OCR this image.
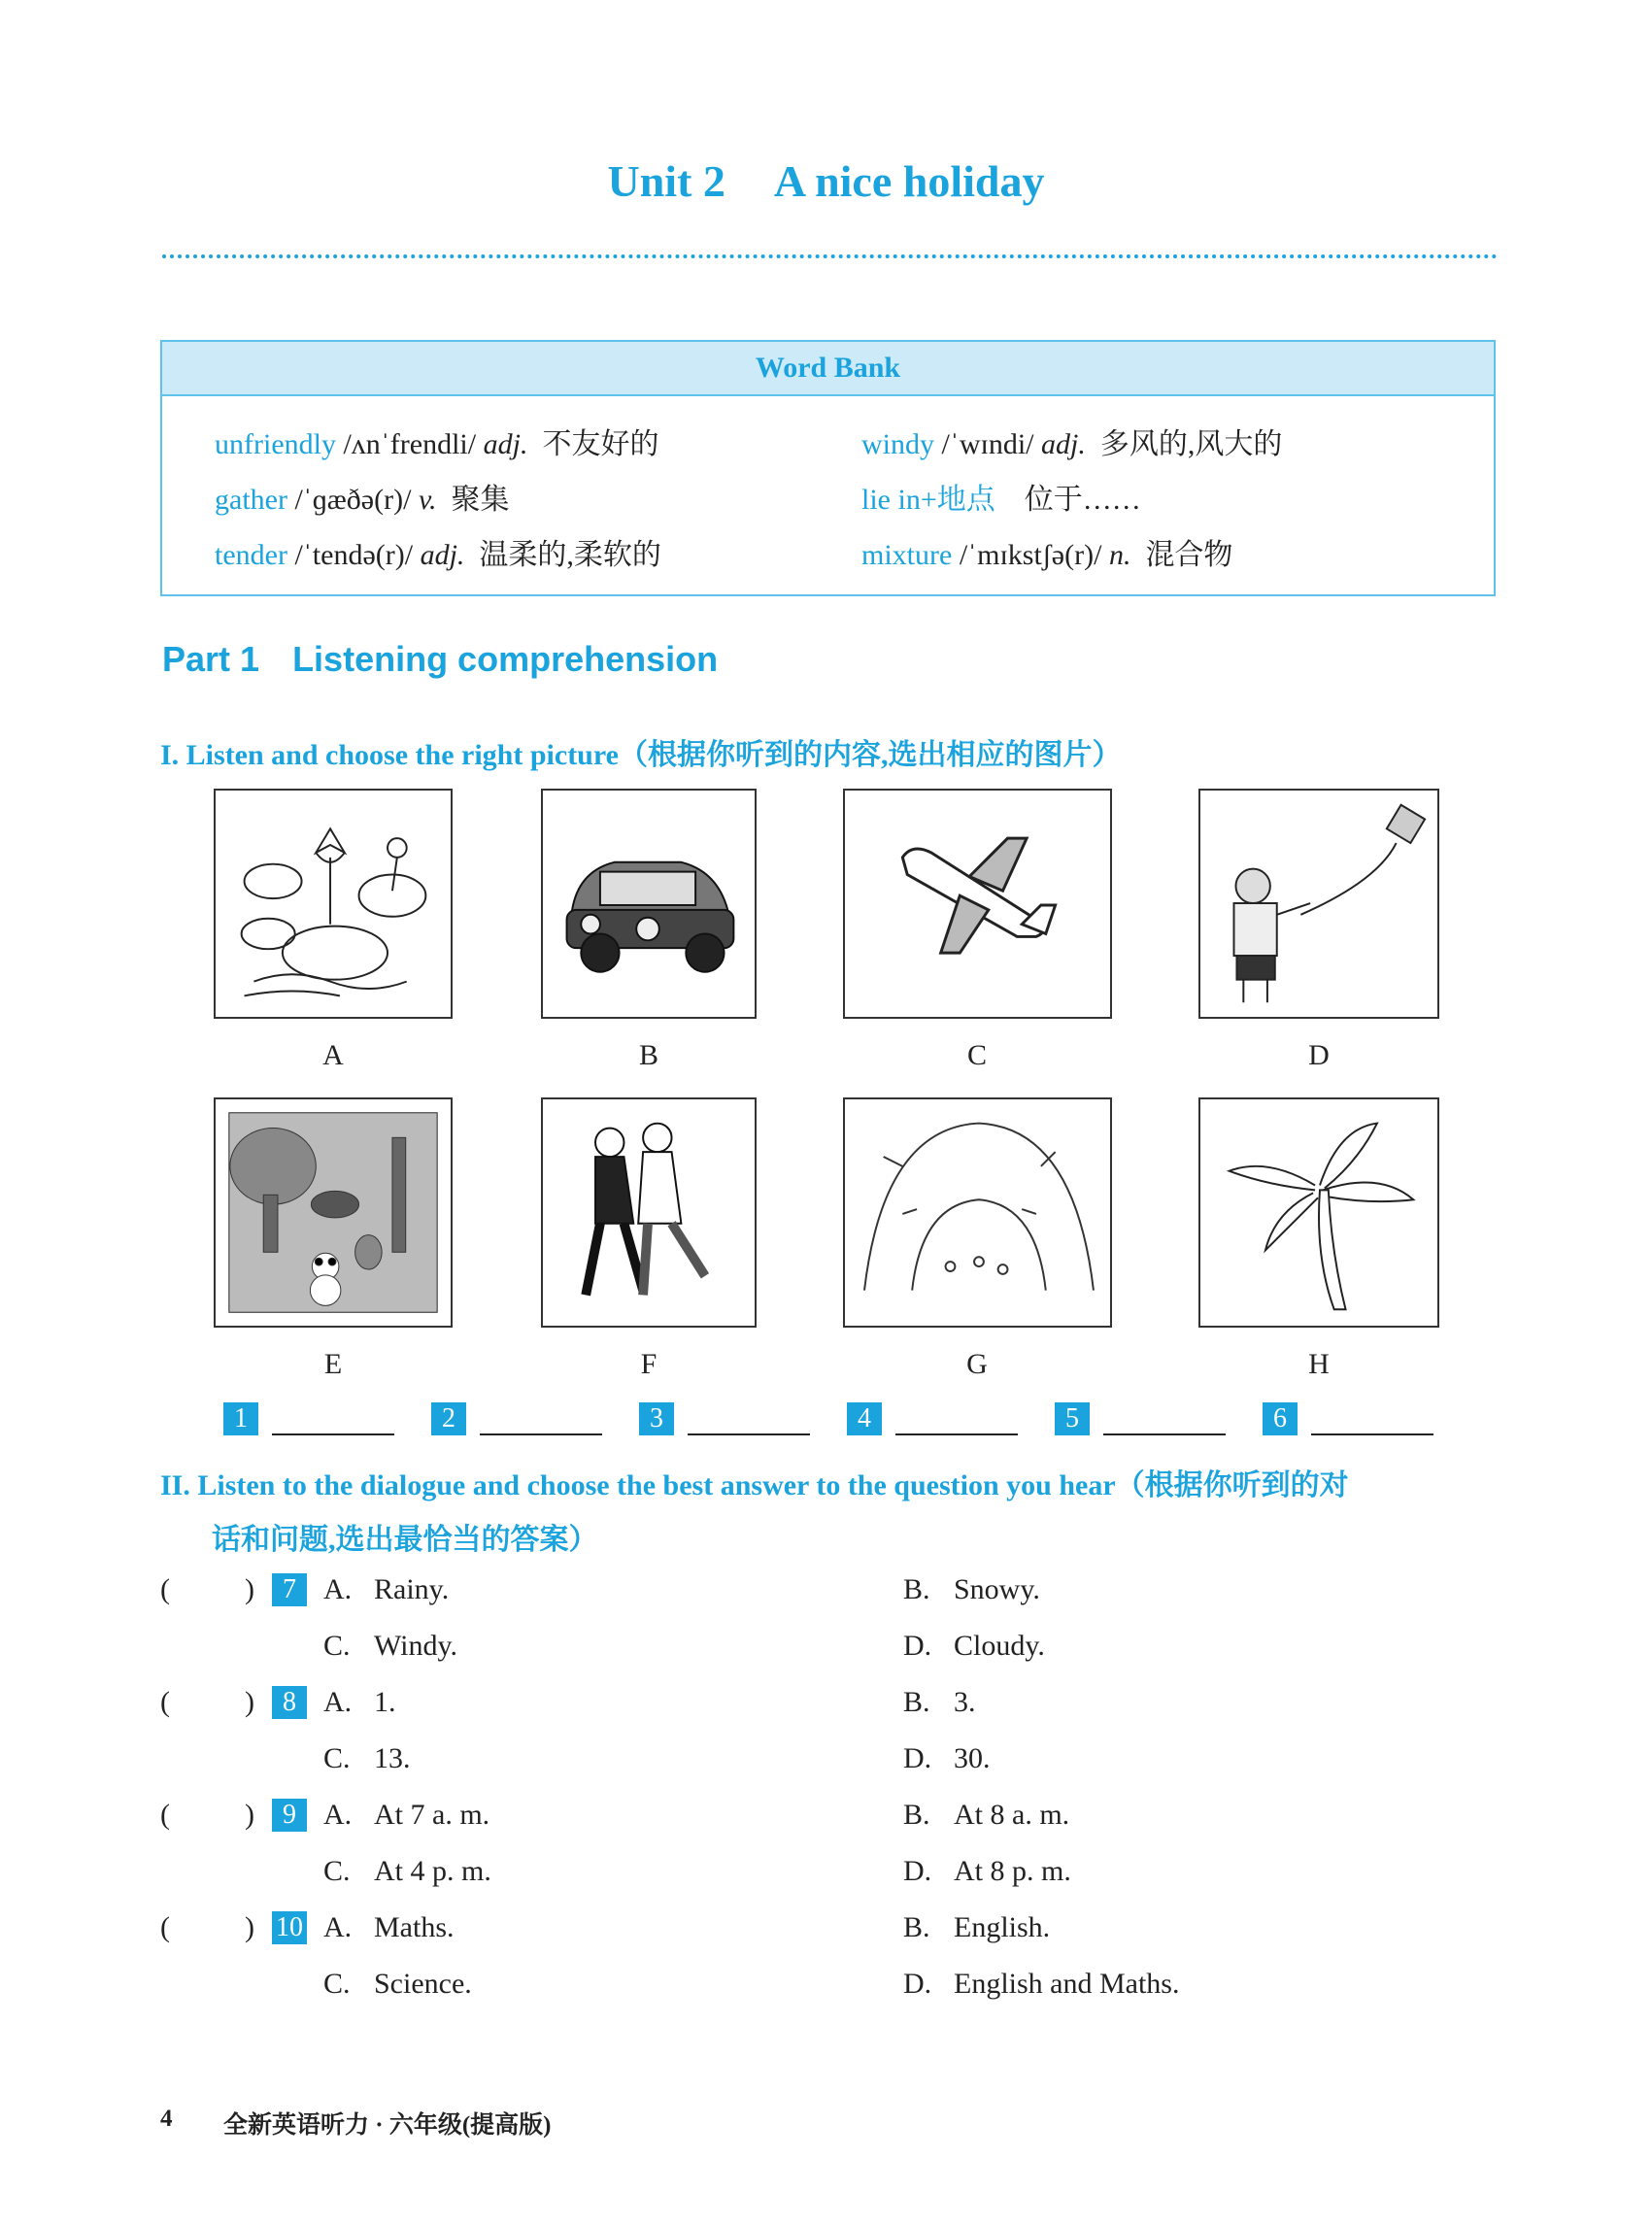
Unit 2 A nice holiday
Word Bank
unfriendly /ʌnˈfrendli/ adj. 不友好的	windy /ˈwɪndi/ adj. 多风的,风大的
gather /ˈɡæðə(r)/ v. 聚集	lie in+地点 位于……
tender /ˈtendə(r)/ adj. 温柔的,柔软的	mixture /ˈmɪkstʃə(r)/ n. 混合物
Part 1 Listening comprehension
I. Listen and choose the right picture（根据你听到的内容,选出相应的图片）
A	B	C	D
E	F	G	H
1	2	3	4	5	6
II. Listen to the dialogue and choose the best answer to the question you hear（根据你听到的对
话和问题,选出最恰当的答案）
(	)	7 A. Rainy.	B. Snowy.
C. Windy.	D. Cloudy.
(	)	8 A. 1.	B. 3.
C. 13.	D. 30.
(	)	9 A. At 7 a. m.	B. At 8 a. m.
C. At 4 p. m.	D. At 8 p. m.
(	) 10 A. Maths.	B. English.
C. Science.	D. English and Maths.
4 全新英语听力 · 六年级(提高版)
